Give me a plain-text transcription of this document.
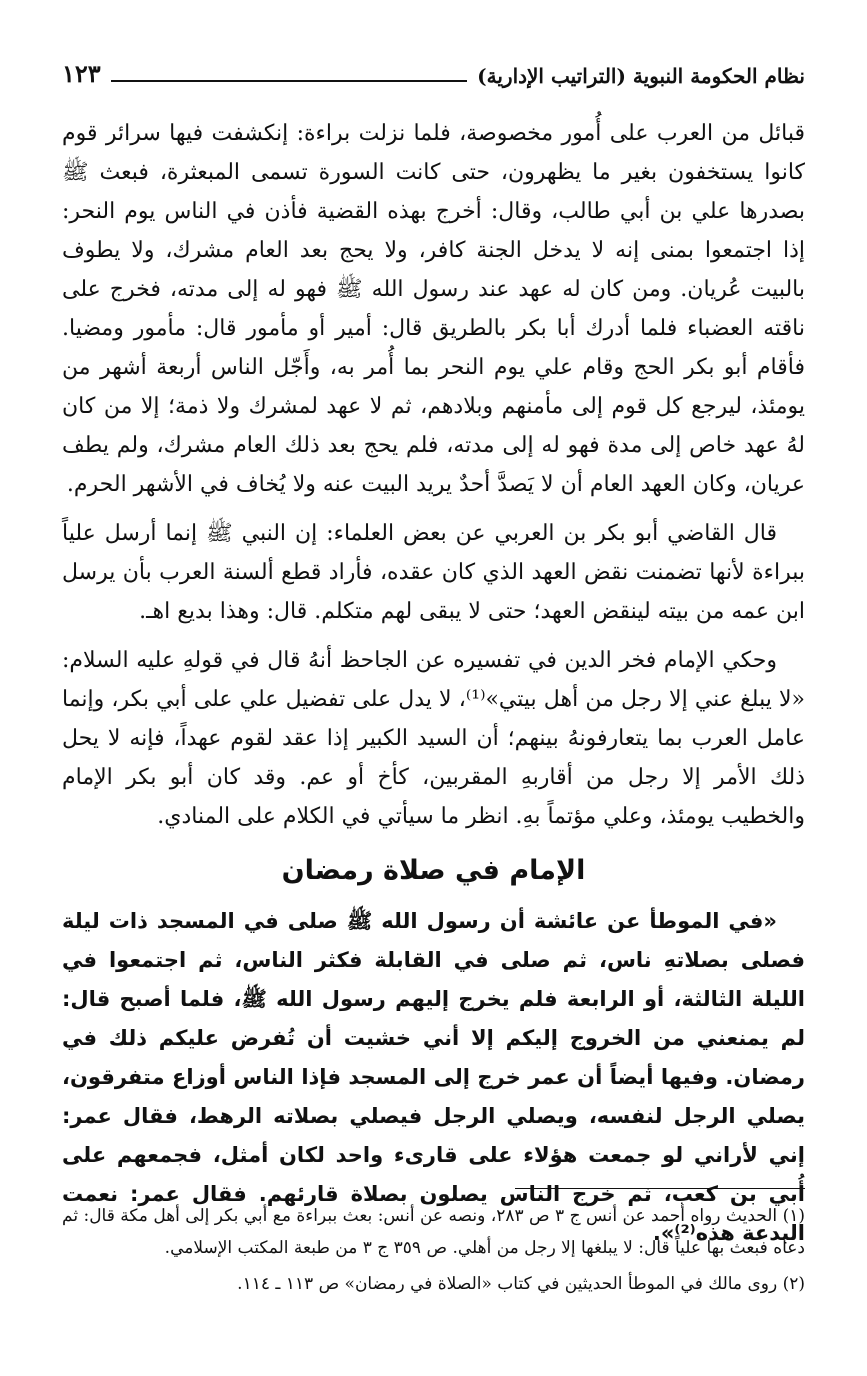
نظام الحكومة النبوية (التراتيب الإدارية)
١٢٣

قبائل من العرب على أُمور مخصوصة، فلما نزلت براءة: إنكشفت فيها سرائر قوم كانوا يستخفون بغير ما يظهرون، حتى كانت السورة تسمى المبعثرة، فبعث ﷺ بصدرها علي بن أبي طالب، وقال: أخرج بهذه القضية فأذن في الناس يوم النحر: إذا اجتمعوا بمنى إنه لا يدخل الجنة كافر، ولا يحج بعد العام مشرك، ولا يطوف بالبيت عُريان. ومن كان له عهد عند رسول الله ﷺ فهو له إلى مدته، فخرج على ناقته العضباء فلما أدرك أبا بكر بالطريق قال: أمير أو مأمور قال: مأمور ومضيا. فأقام أبو بكر الحج وقام علي يوم النحر بما أُمر به، وأَجّل الناس أربعة أشهر من يومئذ، ليرجع كل قوم إلى مأمنهم وبلادهم، ثم لا عهد لمشرك ولا ذمة؛ إلا من كان لهُ عهد خاص إلى مدة فهو له إلى مدته، فلم يحج بعد ذلك العام مشرك، ولم يطف عريان، وكان العهد العام أن لا يَصدَّ أحدٌ يريد البيت عنه ولا يُخاف في الأشهر الحرم.

قال القاضي أبو بكر بن العربي عن بعض العلماء: إن النبي ﷺ إنما أرسل علياً ببراءة لأنها تضمنت نقض العهد الذي كان عقده، فأراد قطع ألسنة العرب بأن يرسل ابن عمه من بيته لينقض العهد؛ حتى لا يبقى لهم متكلم. قال: وهذا بديع اهـ.

وحكي الإمام فخر الدين في تفسيره عن الجاحظ أنهُ قال في قولهِ عليه السلام: «لا يبلغ عني إلا رجل من أهل بيتي»⁽¹⁾، لا يدل على تفضيل علي على أبي بكر، وإنما عامل العرب بما يتعارفونهُ بينهم؛ أن السيد الكبير إذا عقد لقوم عهداً، فإنه لا يحل ذلك الأمر إلا رجل من أقاربهِ المقربين، كأخ أو عم. وقد كان أبو بكر الإمام والخطيب يومئذ، وعلي مؤتماً بهِ. انظر ما سيأتي في الكلام على المنادي.

الإمام في صلاة رمضان

«في الموطأ عن عائشة أن رسول الله ﷺ صلى في المسجد ذات ليلة فصلى بصلاتهِ ناس، ثم صلى في القابلة فكثر الناس، ثم اجتمعوا في الليلة الثالثة، أو الرابعة فلم يخرج إليهم رسول الله ﷺ، فلما أصبح قال: لم يمنعني من الخروج إليكم إلا أني خشيت أن تُفرض عليكم ذلك في رمضان. وفيها أيضاً أن عمر خرج إلى المسجد فإذا الناس أوزاع متفرقون، يصلي الرجل لنفسه، ويصلي الرجل فيصلي بصلاته الرهط، فقال عمر: إني لأراني لو جمعت هؤلاء على قارىء واحد لكان أمثل، فجمعهم على أُبي بن كعب، ثم خرج الناس يصلون بصلاة قارئهم. فقال عمر: نعمت البدعة هذه⁽²⁾».

(١) الحديث رواه أحمد عن أنس ج ٣ ص ٢٨٣، ونصه عن أنس: بعث ببراءة مع أبي بكر إلى أهل مكة قال: ثم دعاه فبعث بها علياً قال: لا يبلغها إلا رجل من أهلي. ص ٣٥٩ ج ٣ من طبعة المكتب الإسلامي.

(٢) روى مالك في الموطأ الحديثين في كتاب «الصلاة في رمضان» ص ١١٣ ـ ١١٤.
